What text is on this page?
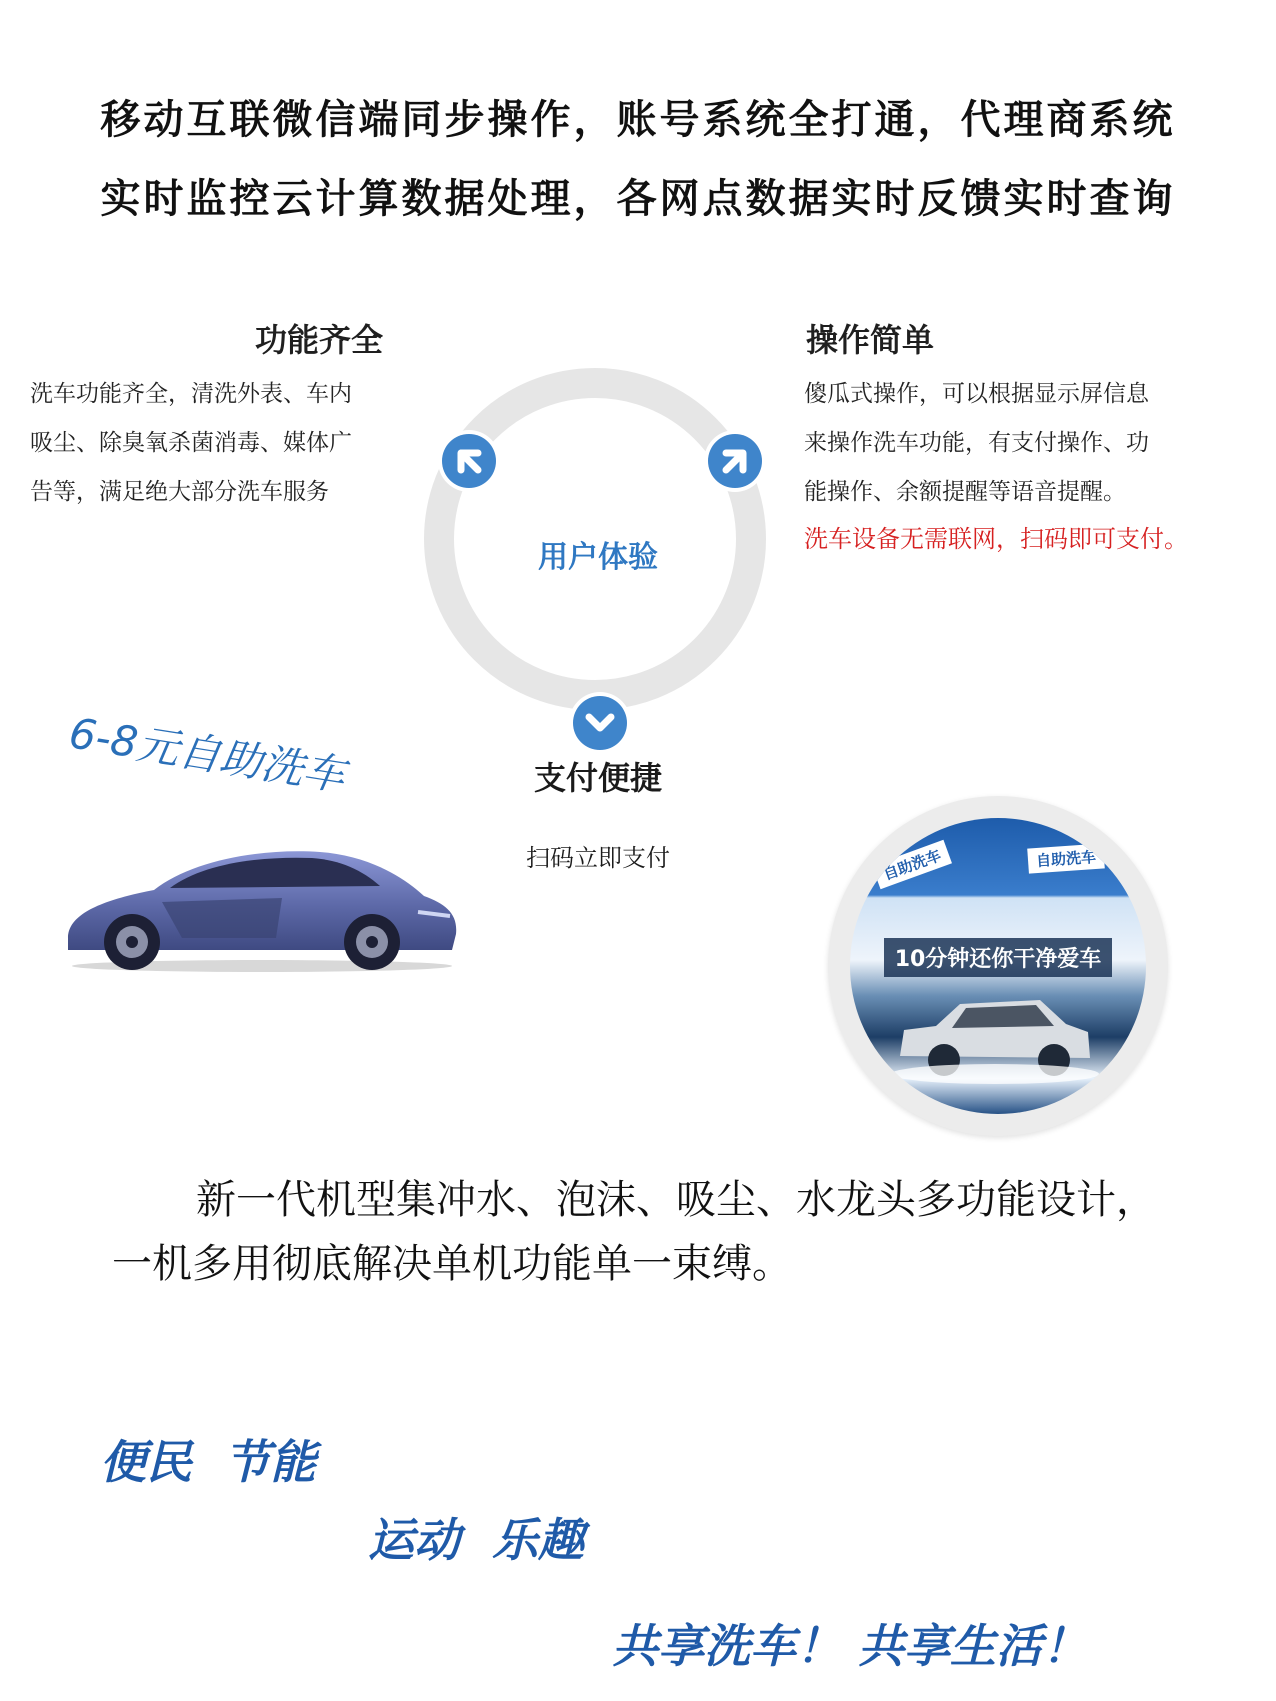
移动互联微信端同步操作，账号系统全打通，代理商系统
实时监控云计算数据处理，各网点数据实时反馈实时查询
功能齐全
洗车功能齐全，清洗外表、车内
吸尘、除臭氧杀菌消毒、媒体广
告等，满足绝大部分洗车服务
操作简单
傻瓜式操作，可以根据显示屏信息
来操作洗车功能，有支付操作、功
能操作、余额提醒等语音提醒。
洗车设备无需联网，扫码即可支付。
用户体验
支付便捷
扫码立即支付
6-8元自助洗车
自助洗车	自助洗车
10分钟还你干净爱车
新一代机型集冲水、泡沫、吸尘、水龙头多功能设计，
一机多用彻底解决单机功能单一束缚。
便民  节能
运动  乐趣
共享洗车！ 共享生活！
